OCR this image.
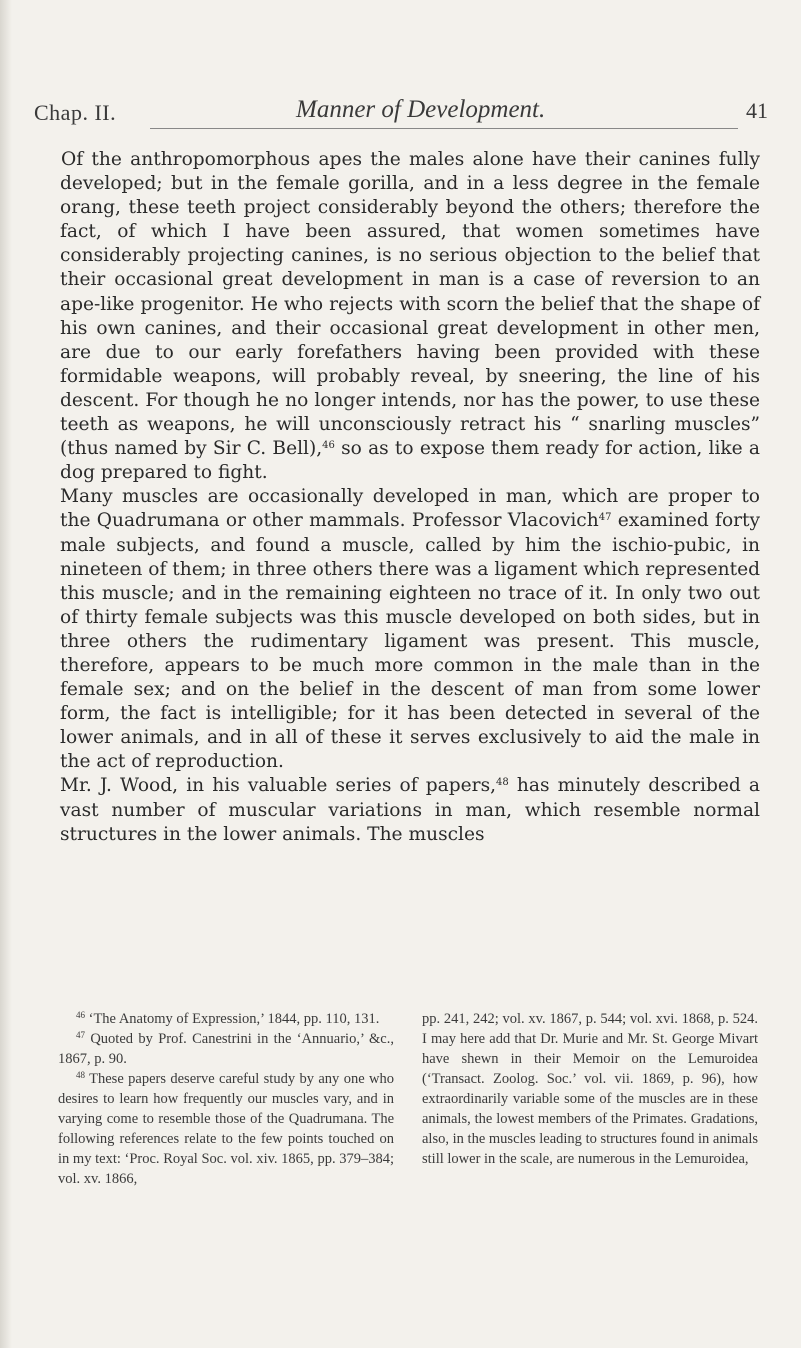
Chap. II.	Manner of Development.	41

Of the anthropomorphous apes the males alone have their canines fully developed; but in the female gorilla, and in a less degree in the female orang, these teeth project considerably beyond the others; therefore the fact, of which I have been assured, that women sometimes have considerably projecting canines, is no serious objection to the belief that their occasional great development in man is a case of reversion to an ape-like progenitor. He who rejects with scorn the belief that the shape of his own canines, and their occasional great development in other men, are due to our early forefathers having been provided with these formidable weapons, will probably reveal, by sneering, the line of his descent. For though he no longer intends, nor has the power, to use these teeth as weapons, he will unconsciously retract his “ snarling muscles” (thus named by Sir C. Bell),$^{46}$ so as to expose them ready for action, like a dog prepared to fight.

Many muscles are occasionally developed in man, which are proper to the Quadrumana or other mammals. Professor Vlacovich$^{47}$ examined forty male subjects, and found a muscle, called by him the ischio-pubic, in nineteen of them; in three others there was a ligament which represented this muscle; and in the remaining eighteen no trace of it. In only two out of thirty female subjects was this muscle developed on both sides, but in three others the rudimentary ligament was present. This muscle, therefore, appears to be much more common in the male than in the female sex; and on the belief in the descent of man from some lower form, the fact is intelligible; for it has been detected in several of the lower animals, and in all of these it serves exclusively to aid the male in the act of reproduction.

Mr. J. Wood, in his valuable series of papers,$^{48}$ has minutely described a vast number of muscular variations in man, which resemble normal structures in the lower animals. The muscles

$^{46}$ ‘The Anatomy of Expression,’ 1844, pp. 110, 131.

$^{47}$ Quoted by Prof. Canestrini in the ‘Annuario,’ &c., 1867, p. 90.

$^{48}$ These papers deserve careful study by any one who desires to learn how frequently our muscles vary, and in varying come to resemble those of the Quadrumana. The following references relate to the few points touched on in my text: ‘Proc. Royal Soc. vol. xiv. 1865, pp. 379–384; vol. xv. 1866,

pp. 241, 242; vol. xv. 1867, p. 544; vol. xvi. 1868, p. 524. I may here add that Dr. Murie and Mr. St. George Mivart have shewn in their Memoir on the Lemuroidea (‘Transact. Zoolog. Soc.’ vol. vii. 1869, p. 96), how extraordinarily variable some of the muscles are in these animals, the lowest members of the Primates. Gradations, also, in the muscles leading to structures found in animals still lower in the scale, are numerous in the Lemuroidea,
